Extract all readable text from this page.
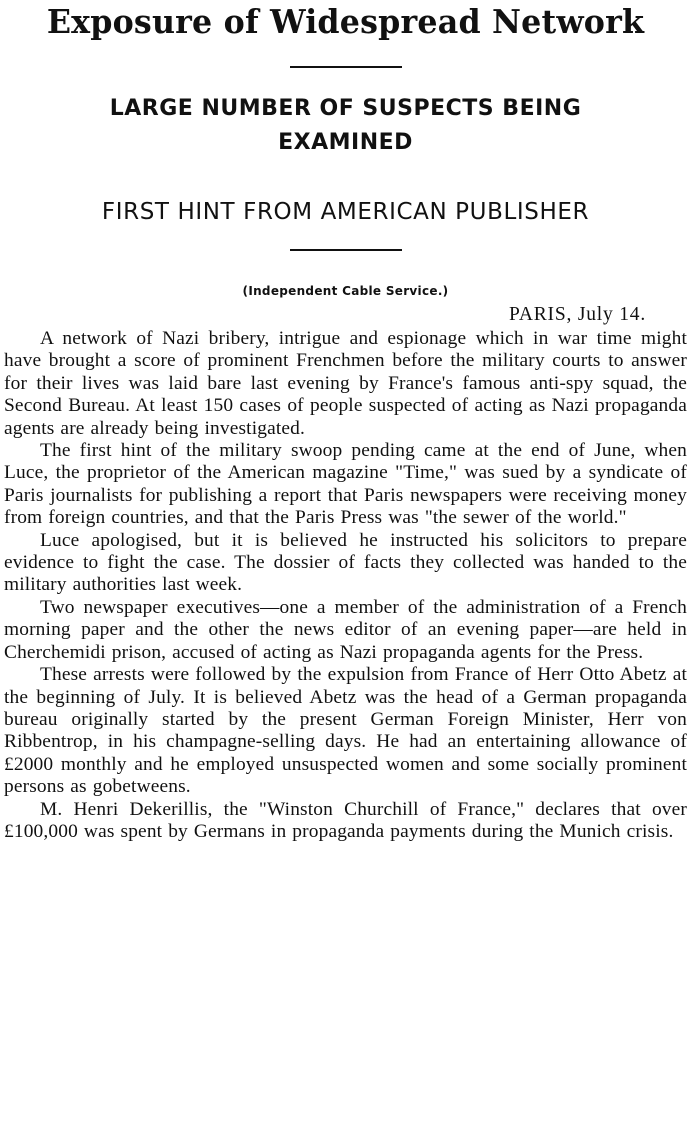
Exposure of Widespread Network
LARGE NUMBER OF SUSPECTS BEING EXAMINED
FIRST HINT FROM AMERICAN PUBLISHER

(Independent Cable Service.)

PARIS, July 14.

A network of Nazi bribery, intrigue and espionage which in war time might have brought a score of prominent Frenchmen before the military courts to answer for their lives was laid bare last evening by France's famous anti-spy squad, the Second Bureau. At least 150 cases of people suspected of acting as Nazi propaganda agents are already being investigated.

The first hint of the military swoop pending came at the end of June, when Luce, the proprietor of the American magazine "Time," was sued by a syndicate of Paris journalists for publishing a report that Paris newspapers were receiving money from foreign countries, and that the Paris Press was "the sewer of the world."

Luce apologised, but it is believed he instructed his solicitors to prepare evidence to fight the case. The dossier of facts they collected was handed to the military authorities last week.

Two newspaper executives—one a member of the administration of a French morning paper and the other the news editor of an evening paper—are held in Cherchemidi prison, accused of acting as Nazi propaganda agents for the Press.

These arrests were followed by the expulsion from France of Herr Otto Abetz at the beginning of July. It is believed Abetz was the head of a German propaganda bureau originally started by the present German Foreign Minister, Herr von Ribbentrop, in his champagne-selling days. He had an entertaining allowance of £2000 monthly and he employed unsuspected women and some socially prominent persons as gobetweens.

M. Henri Dekerillis, the "Winston Churchill of France," declares that over £100,000 was spent by Germans in propaganda payments during the Munich crisis.
